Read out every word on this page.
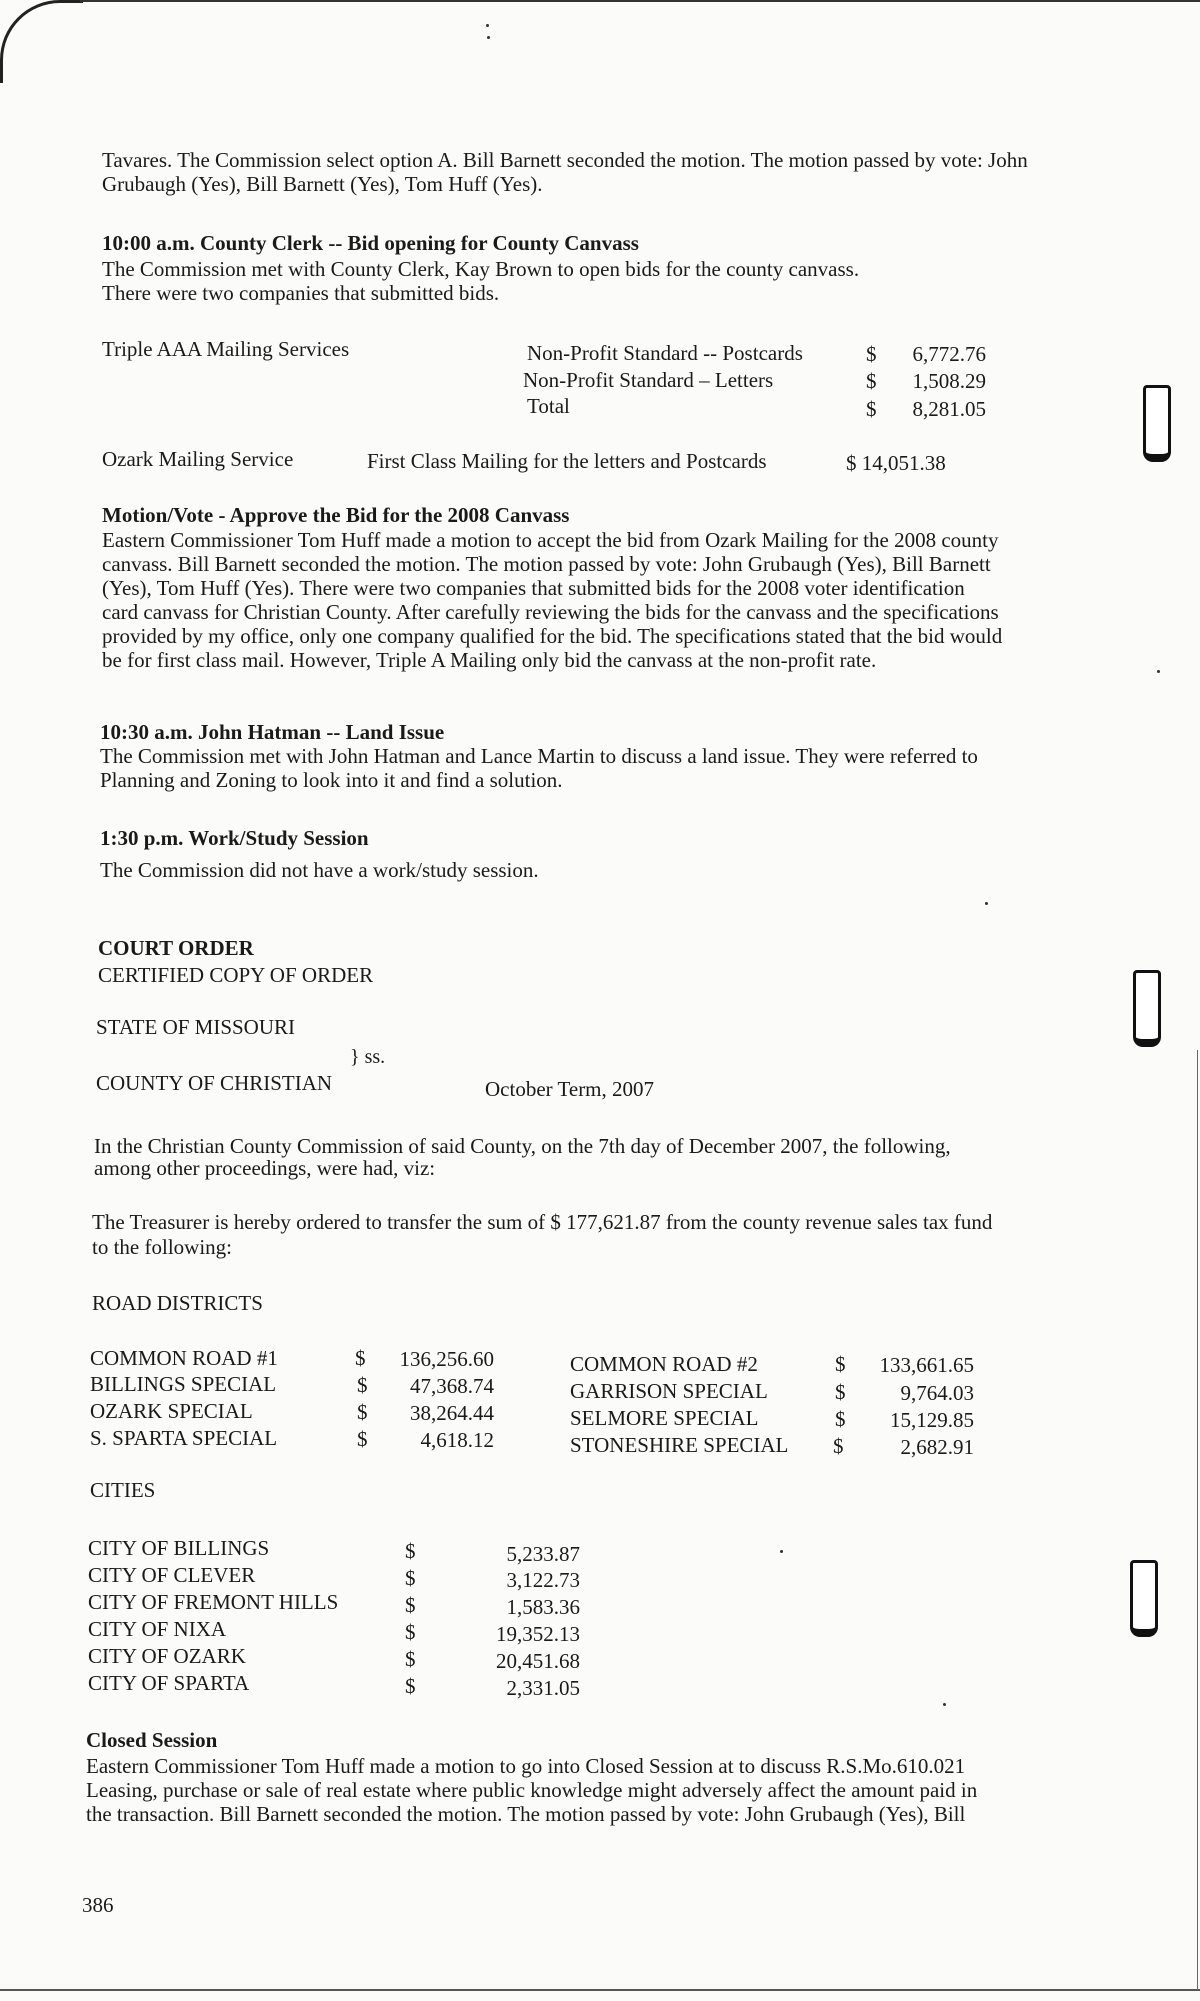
Tavares. The Commission select option A. Bill Barnett seconded the motion. The motion passed by vote: John Grubaugh (Yes), Bill Barnett (Yes), Tom Huff (Yes).
10:00 a.m. County Clerk -- Bid opening for County Canvass
The Commission met with County Clerk, Kay Brown to open bids for the county canvass.
There were two companies that submitted bids.
Triple AAA Mailing Services	Non-Profit Standard -- Postcards	$	6,772.76
Non-Profit Standard – Letters	$	1,508.29
Total	$	8,281.05
Ozark Mailing Service	First Class Mailing for the letters and Postcards	$ 14,051.38
Motion/Vote - Approve the Bid for the 2008 Canvass
Eastern Commissioner Tom Huff made a motion to accept the bid from Ozark Mailing for the 2008 county
canvass. Bill Barnett seconded the motion. The motion passed by vote: John Grubaugh (Yes), Bill Barnett
(Yes), Tom Huff (Yes). There were two companies that submitted bids for the 2008 voter identification
card canvass for Christian County. After carefully reviewing the bids for the canvass and the specifications
provided by my office, only one company qualified for the bid. The specifications stated that the bid would
be for first class mail. However, Triple A Mailing only bid the canvass at the non-profit rate.
10:30 a.m. John Hatman -- Land Issue
The Commission met with John Hatman and Lance Martin to discuss a land issue. They were referred to
Planning and Zoning to look into it and find a solution.
1:30 p.m. Work/Study Session
The Commission did not have a work/study session.
COURT ORDER
CERTIFIED COPY OF ORDER
STATE OF MISSOURI
} ss.
COUNTY OF CHRISTIAN	October Term, 2007
In the Christian County Commission of said County, on the 7th day of December 2007, the following,
among other proceedings, were had, viz:
The Treasurer is hereby ordered to transfer the sum of $ 177,621.87 from the county revenue sales tax fund
to the following:
ROAD DISTRICTS
COMMON ROAD #1	$	136,256.60
BILLINGS SPECIAL	$	47,368.74
OZARK SPECIAL	$	38,264.44
S. SPARTA SPECIAL	$	4,618.12
COMMON ROAD #2	$	133,661.65
GARRISON SPECIAL	$	9,764.03
SELMORE SPECIAL	$	15,129.85
STONESHIRE SPECIAL $	2,682.91
CITIES
CITY OF BILLINGS	$	5,233.87
CITY OF CLEVER	$	3,122.73
CITY OF FREMONT HILLS	$	1,583.36
CITY OF NIXA	$	19,352.13
CITY OF OZARK	$	20,451.68
CITY OF SPARTA	$	2,331.05
Closed Session
Eastern Commissioner Tom Huff made a motion to go into Closed Session at to discuss R.S.Mo.610.021
Leasing, purchase or sale of real estate where public knowledge might adversely affect the amount paid in
the transaction. Bill Barnett seconded the motion. The motion passed by vote: John Grubaugh (Yes), Bill
386
